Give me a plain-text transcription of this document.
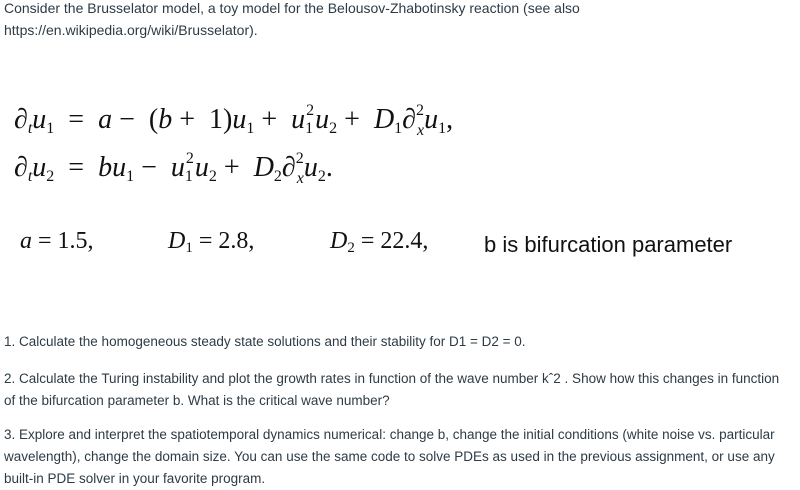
Consider the Brusselator model, a toy model for the Belousov-Zhabotinsky reaction (see also https://en.wikipedia.org/wiki/Brusselator).
$\partial_tu_1 = a - (b + 1)u_1 + u_1^2u_2 + D_1\partial^2_xu_1$,
$\partial_tu_2 = bu_1 - u_1^2u_2 + D_2\partial^2_xu_2$.
a = 1.5,	$D_1 = 2.8$,	$D_2 = 22.4$,	b is bifurcation parameter
1. Calculate the homogeneous steady state solutions and their stability for D1 = D2 = 0.
2. Calculate the Turing instability and plot the growth rates in function of the wave number kˆ2 . Show how this changes in function of the bifurcation parameter b. What is the critical wave number?
3. Explore and interpret the spatiotemporal dynamics numerical: change b, change the initial conditions (white noise vs. particular wavelength), change the domain size. You can use the same code to solve PDEs as used in the previous assignment, or use any built-in PDE solver in your favorite program.
